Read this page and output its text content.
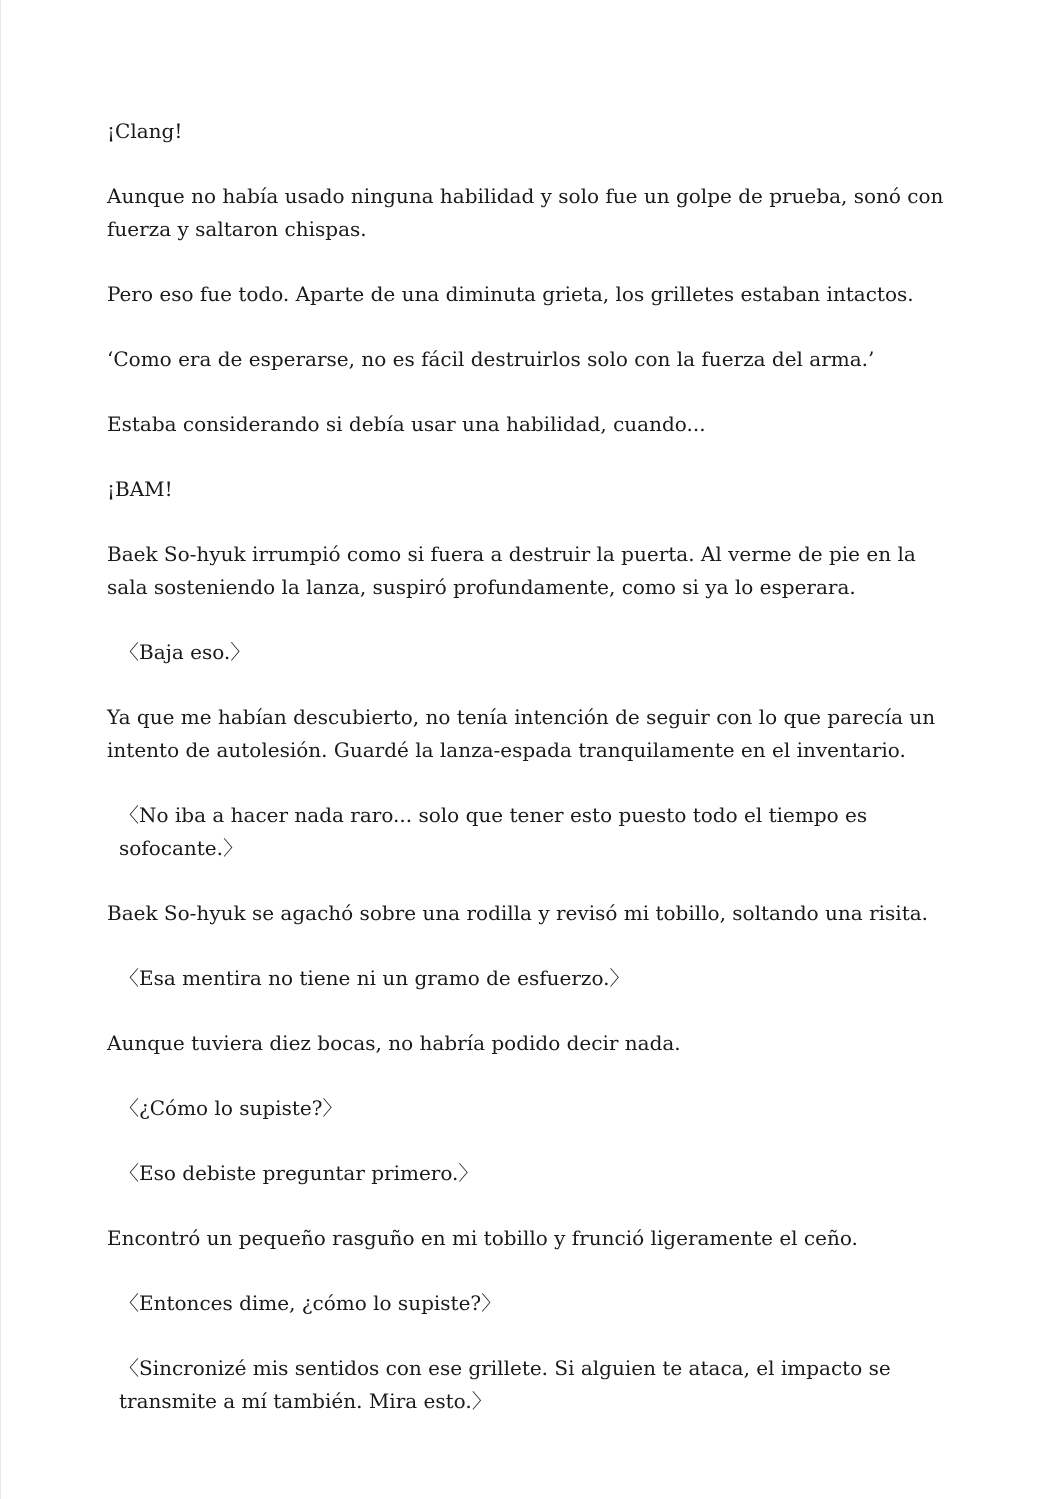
¡Clang!

Aunque no había usado ninguna habilidad y solo fue un golpe de prueba, sonó con fuerza y saltaron chispas.

Pero eso fue todo. Aparte de una diminuta grieta, los grilletes estaban intactos.

‘Como era de esperarse, no es fácil destruirlos solo con la fuerza del arma.’

Estaba considerando si debía usar una habilidad, cuando...

¡BAM!

Baek So-hyuk irrumpió como si fuera a destruir la puerta. Al verme de pie en la sala sosteniendo la lanza, suspiró profundamente, como si ya lo esperara.

〈Baja eso.〉

Ya que me habían descubierto, no tenía intención de seguir con lo que parecía un intento de autolesión. Guardé la lanza-espada tranquilamente en el inventario.

〈No iba a hacer nada raro... solo que tener esto puesto todo el tiempo es sofocante.〉

Baek So-hyuk se agachó sobre una rodilla y revisó mi tobillo, soltando una risita.

〈Esa mentira no tiene ni un gramo de esfuerzo.〉

Aunque tuviera diez bocas, no habría podido decir nada.

〈¿Cómo lo supiste?〉

〈Eso debiste preguntar primero.〉

Encontró un pequeño rasguño en mi tobillo y frunció ligeramente el ceño.

〈Entonces dime, ¿cómo lo supiste?〉

〈Sincronizé mis sentidos con ese grillete. Si alguien te ataca, el impacto se transmite a mí también. Mira esto.〉
